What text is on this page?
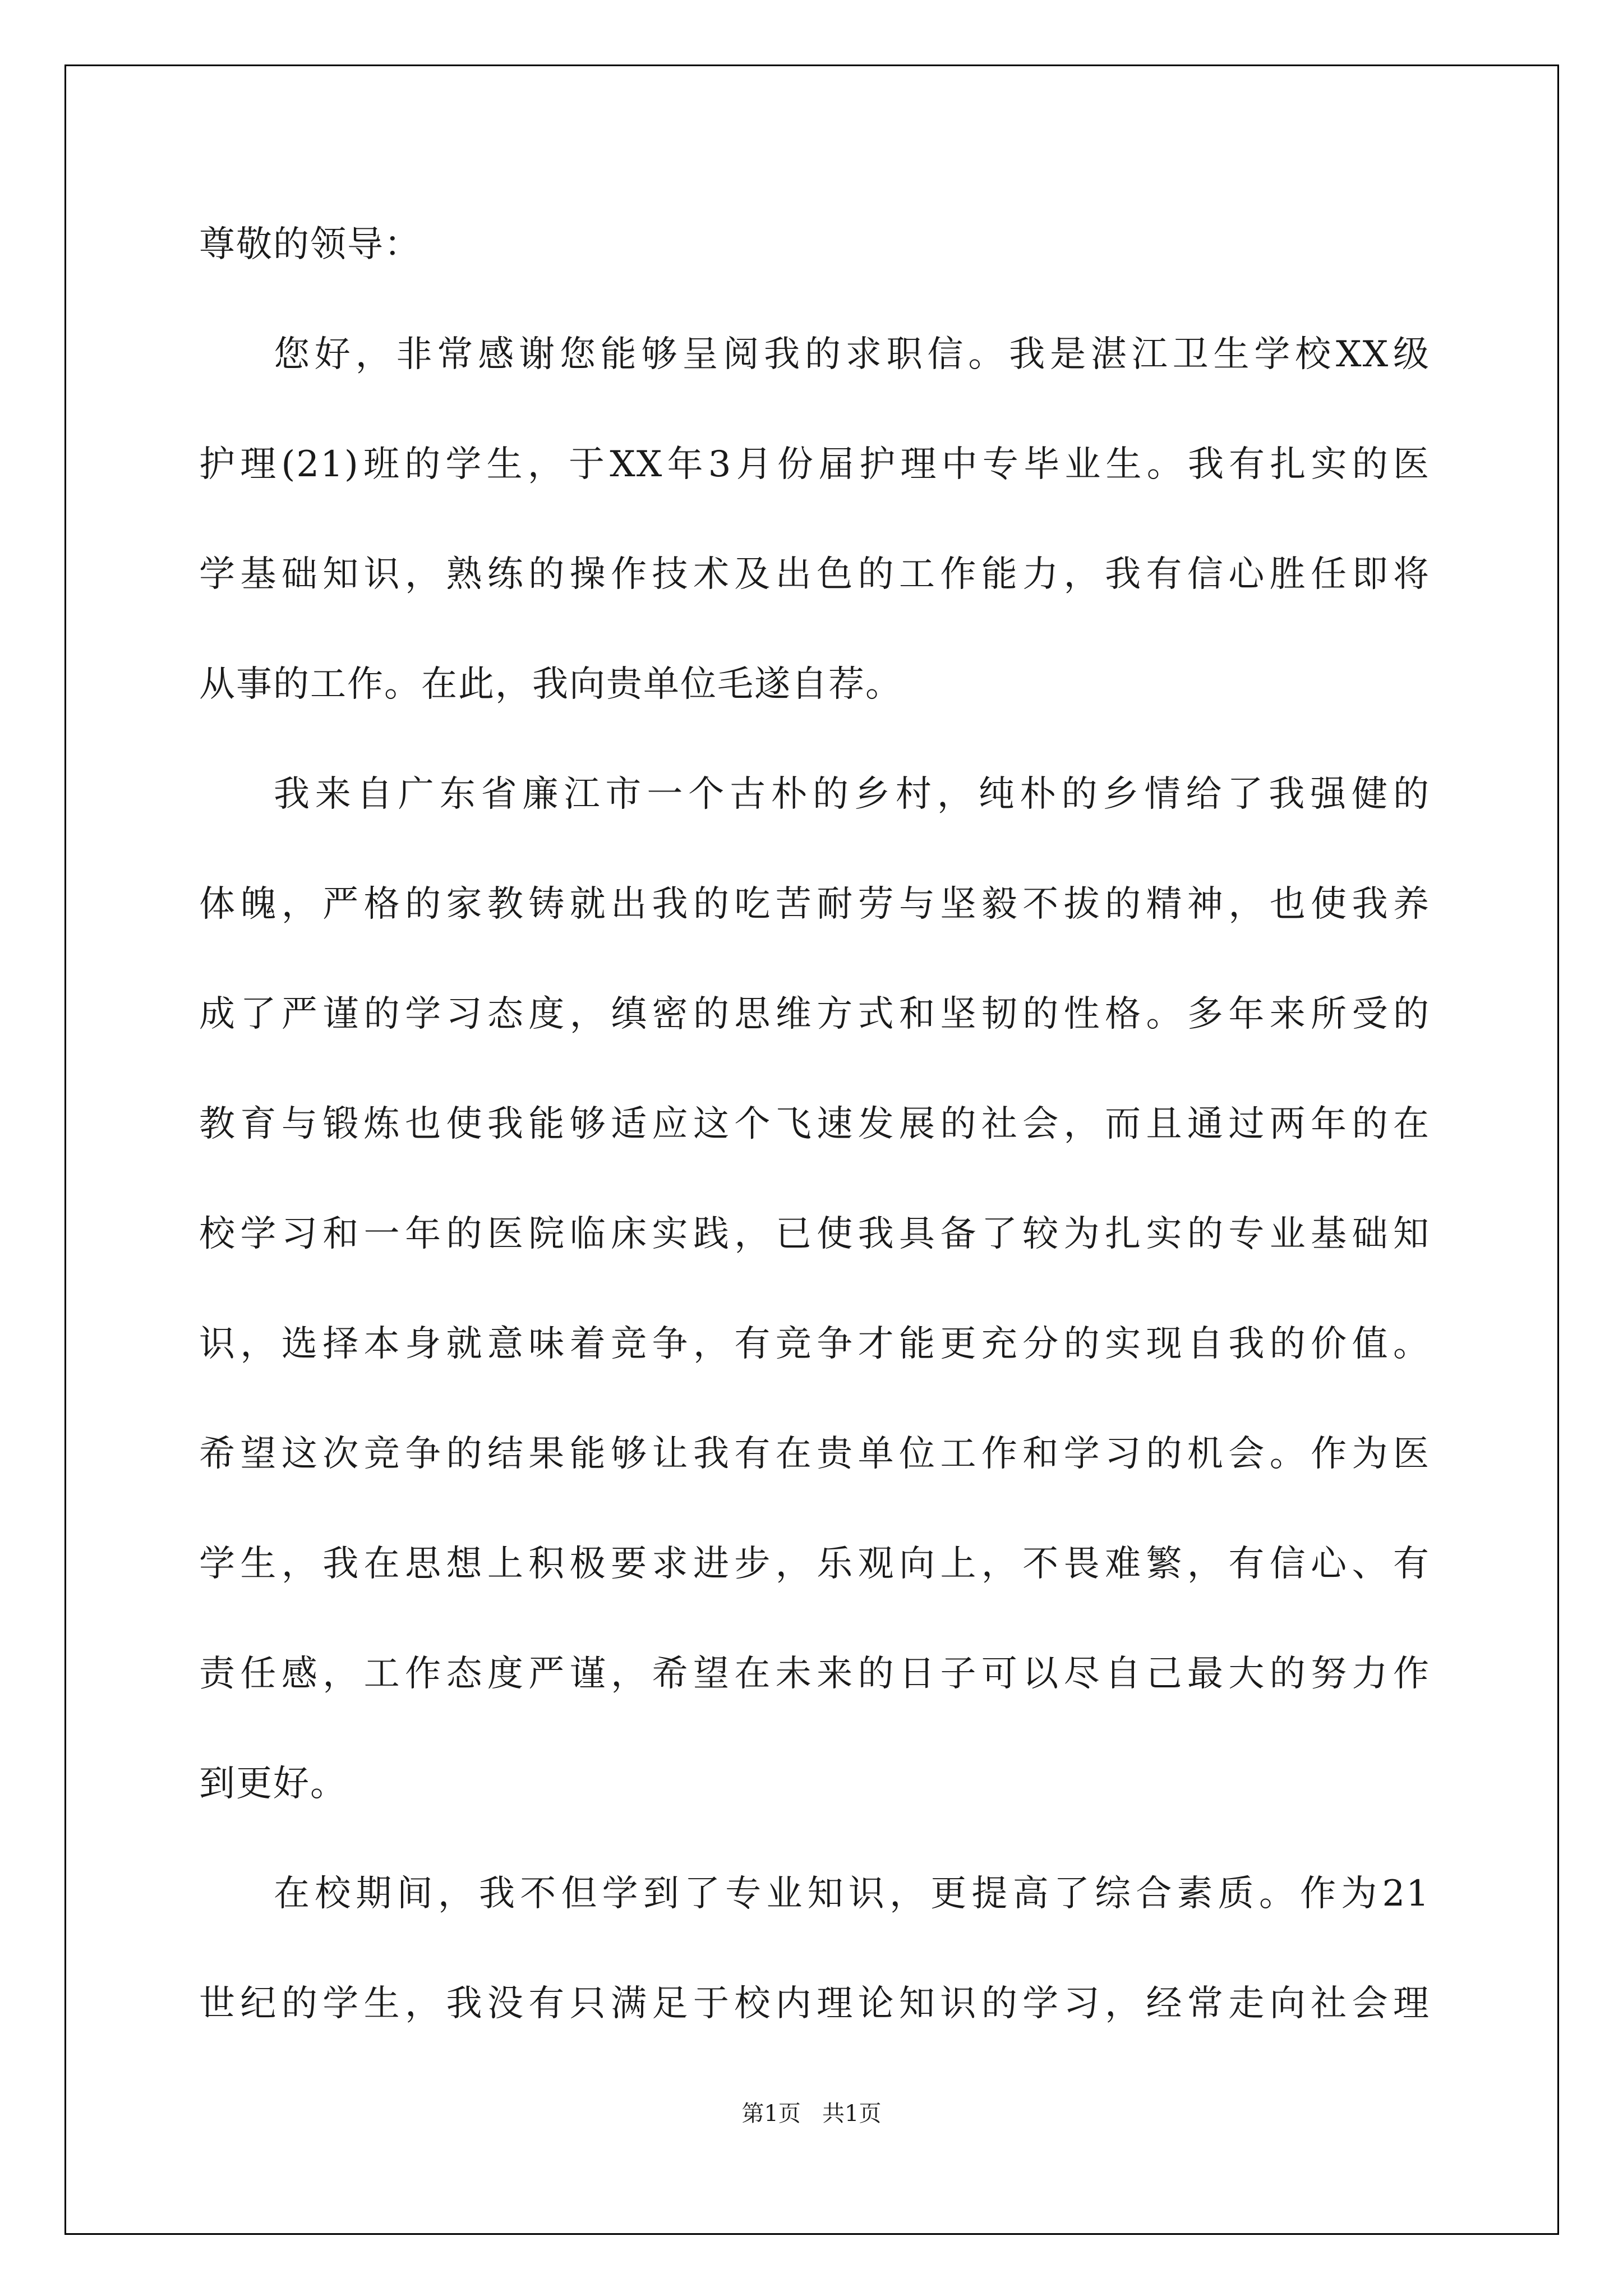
尊敬的领导：
您好，非常感谢您能够呈阅我的求职信。我是湛江卫生学校XX级
护理(21)班的学生，于XX年3月份届护理中专毕业生。我有扎实的医
学基础知识，熟练的操作技术及出色的工作能力，我有信心胜任即将
从事的工作。在此，我向贵单位毛遂自荐。
我来自广东省廉江市一个古朴的乡村，纯朴的乡情给了我强健的
体魄，严格的家教铸就出我的吃苦耐劳与坚毅不拔的精神，也使我养
成了严谨的学习态度，缜密的思维方式和坚韧的性格。多年来所受的
教育与锻炼也使我能够适应这个飞速发展的社会，而且通过两年的在
校学习和一年的医院临床实践，已使我具备了较为扎实的专业基础知
识，选择本身就意味着竞争，有竞争才能更充分的实现自我的价值。
希望这次竞争的结果能够让我有在贵单位工作和学习的机会。作为医
学生，我在思想上积极要求进步，乐观向上，不畏难繁，有信心、有
责任感，工作态度严谨，希望在未来的日子可以尽自己最大的努力作
到更好。
在校期间，我不但学到了专业知识，更提高了综合素质。作为21
世纪的学生，我没有只满足于校内理论知识的学习，经常走向社会理
第1页   共1页
